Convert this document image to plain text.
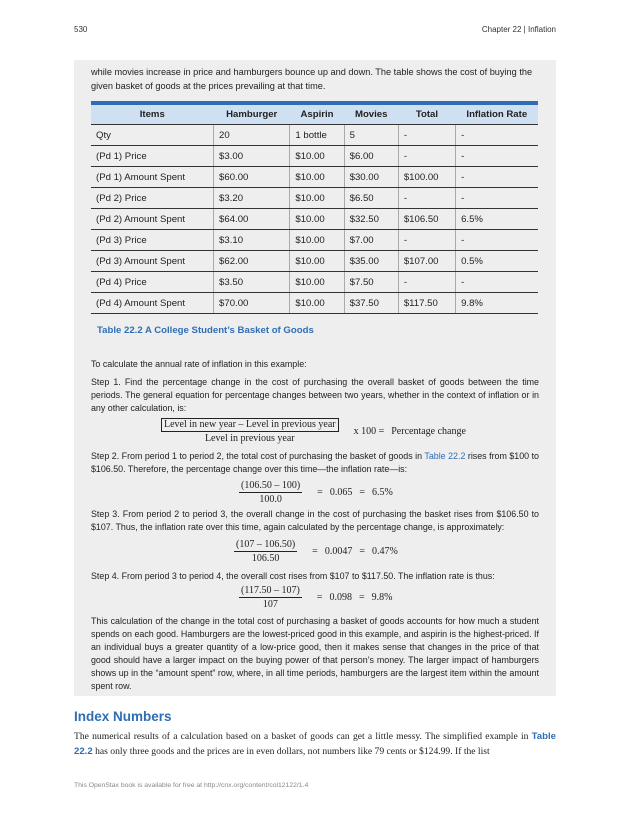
530	Chapter 22 | Inflation
while movies increase in price and hamburgers bounce up and down. The table shows the cost of buying the given basket of goods at the prices prevailing at that time.
Items	Hamburger	Aspirin	Movies	Total	Inflation Rate
Qty	20	1 bottle	5	-	-
(Pd 1) Price	$3.00	$10.00	$6.00	-	-
(Pd 1) Amount Spent	$60.00	$10.00	$30.00	$100.00	-
(Pd 2) Price	$3.20	$10.00	$6.50	-	-
(Pd 2) Amount Spent	$64.00	$10.00	$32.50	$106.50	6.5%
(Pd 3) Price	$3.10	$10.00	$7.00	-	-
(Pd 3) Amount Spent	$62.00	$10.00	$35.00	$107.00	0.5%
(Pd 4) Price	$3.50	$10.00	$7.50	-	-
(Pd 4) Amount Spent	$70.00	$10.00	$37.50	$117.50	9.8%
Table 22.2 A College Student’s Basket of Goods
To calculate the annual rate of inflation in this example:
Step 1. Find the percentage change in the cost of purchasing the overall basket of goods between the time periods. The general equation for percentage changes between two years, whether in the context of inflation or in any other calculation, is:
$\frac{\text{Level in new year – Level in previous year}}{\text{Level in previous year}}$ x 100 = Percentage change
Step 2. From period 1 to period 2, the total cost of purchasing the basket of goods in Table 22.2 rises from $100 to $106.50. Therefore, the percentage change over this time—the inflation rate—is:
$\frac{(106.50 - 100)}{100.0} = 0.065 = 6.5\%$
Step 3. From period 2 to period 3, the overall change in the cost of purchasing the basket rises from $106.50 to $107. Thus, the inflation rate over this time, again calculated by the percentage change, is approximately:
$\frac{(107 - 106.50)}{106.50} = 0.0047 = 0.47\%$
Step 4. From period 3 to period 4, the overall cost rises from $107 to $117.50. The inflation rate is thus:
$\frac{(117.50 - 107)}{107} = 0.098 = 9.8\%$
This calculation of the change in the total cost of purchasing a basket of goods accounts for how much a student spends on each good. Hamburgers are the lowest-priced good in this example, and aspirin is the highest-priced. If an individual buys a greater quantity of a low-price good, then it makes sense that changes in the price of that good should have a larger impact on the buying power of that person’s money. The larger impact of hamburgers shows up in the “amount spent” row, where, in all time periods, hamburgers are the largest item within the amount spent row.
Index Numbers
The numerical results of a calculation based on a basket of goods can get a little messy. The simplified example in Table 22.2 has only three goods and the prices are in even dollars, not numbers like 79 cents or $124.99. If the list
This OpenStax book is available for free at http://cnx.org/content/col12122/1.4
